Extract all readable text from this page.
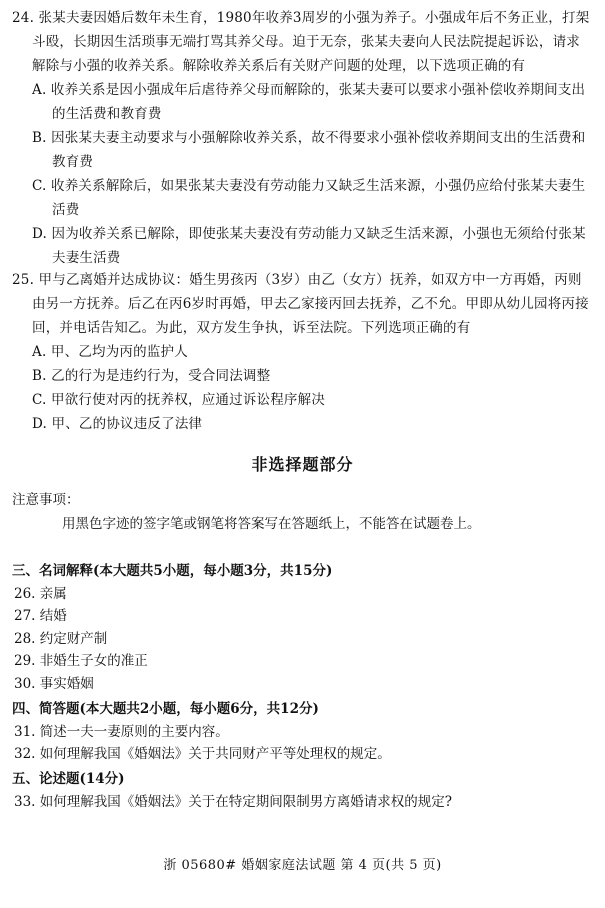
24. 张某夫妻因婚后数年未生育，1980年收养3周岁的小强为养子。小强成年后不务正业，打架斗殴，长期因生活琐事无端打骂其养父母。迫于无奈，张某夫妻向人民法院提起诉讼，请求解除与小强的收养关系。解除收养关系后有关财产问题的处理，以下选项正确的有
A. 收养关系是因小强成年后虐待养父母而解除的，张某夫妻可以要求小强补偿收养期间支出的生活费和教育费
B. 因张某夫妻主动要求与小强解除收养关系，故不得要求小强补偿收养期间支出的生活费和教育费
C. 收养关系解除后，如果张某夫妻没有劳动能力又缺乏生活来源，小强仍应给付张某夫妻生活费
D. 因为收养关系已解除，即使张某夫妻没有劳动能力又缺乏生活来源，小强也无须给付张某夫妻生活费
25. 甲与乙离婚并达成协议：婚生男孩丙（3岁）由乙（女方）抚养，如双方中一方再婚，丙则由另一方抚养。后乙在丙6岁时再婚，甲去乙家接丙回去抚养，乙不允。甲即从幼儿园将丙接回，并电话告知乙。为此，双方发生争执，诉至法院。下列选项正确的有
A. 甲、乙均为丙的监护人
B. 乙的行为是违约行为，受合同法调整
C. 甲欲行使对丙的抚养权，应通过诉讼程序解决
D. 甲、乙的协议违反了法律
非选择题部分
注意事项：
用黑色字迹的签字笔或钢笔将答案写在答题纸上，不能答在试题卷上。
三、名词解释(本大题共5小题，每小题3分，共15分)
26. 亲属
27. 结婚
28. 约定财产制
29. 非婚生子女的准正
30. 事实婚姻
四、简答题(本大题共2小题，每小题6分，共12分)
31. 简述一夫一妻原则的主要内容。
32. 如何理解我国《婚姻法》关于共同财产平等处理权的规定。
五、论述题(14分)
33. 如何理解我国《婚姻法》关于在特定期间限制男方离婚请求权的规定?
浙 05680# 婚姻家庭法试题 第 4 页(共 5 页)
